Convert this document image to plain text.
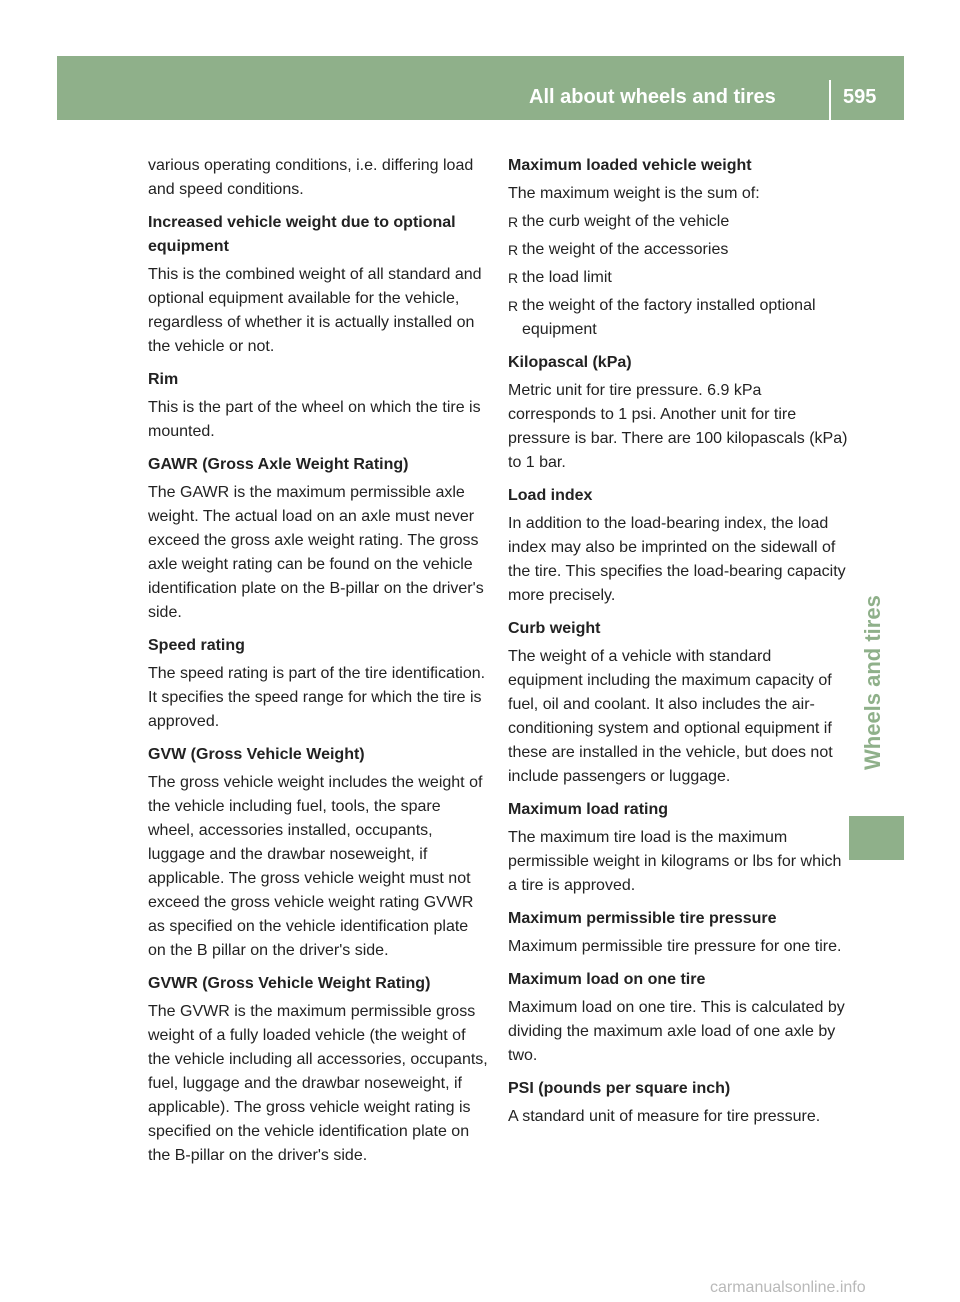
All about wheels and tires	595
Wheels and tires

various operating conditions, i.e. differing load and speed conditions.

Increased vehicle weight due to optional equipment

This is the combined weight of all standard and optional equipment available for the vehicle, regardless of whether it is actually installed on the vehicle or not.

Rim

This is the part of the wheel on which the tire is mounted.

GAWR (Gross Axle Weight Rating)

The GAWR is the maximum permissible axle weight. The actual load on an axle must never exceed the gross axle weight rating. The gross axle weight rating can be found on the vehicle identification plate on the B-pillar on the driver's side.

Speed rating

The speed rating is part of the tire identification. It specifies the speed range for which the tire is approved.

GVW (Gross Vehicle Weight)

The gross vehicle weight includes the weight of the vehicle including fuel, tools, the spare wheel, accessories installed, occupants, luggage and the drawbar noseweight, if applicable. The gross vehicle weight must not exceed the gross vehicle weight rating GVWR as specified on the vehicle identification plate on the B pillar on the driver's side.

GVWR (Gross Vehicle Weight Rating)

The GVWR is the maximum permissible gross weight of a fully loaded vehicle (the weight of the vehicle including all accessories, occupants, fuel, luggage and the drawbar noseweight, if applicable). The gross vehicle weight rating is specified on the vehicle identification plate on the B-pillar on the driver's side.

Maximum loaded vehicle weight

The maximum weight is the sum of:

R the curb weight of the vehicle
R the weight of the accessories
R the load limit
R the weight of the factory installed optional equipment
Kilopascal (kPa)

Metric unit for tire pressure. 6.9 kPa corresponds to 1 psi. Another unit for tire pressure is bar. There are 100 kilopascals (kPa) to 1 bar.

Load index

In addition to the load-bearing index, the load index may also be imprinted on the sidewall of the tire. This specifies the load-bearing capacity more precisely.

Curb weight

The weight of a vehicle with standard equipment including the maximum capacity of fuel, oil and coolant. It also includes the air-conditioning system and optional equipment if these are installed in the vehicle, but does not include passengers or luggage.

Maximum load rating

The maximum tire load is the maximum permissible weight in kilograms or lbs for which a tire is approved.

Maximum permissible tire pressure

Maximum permissible tire pressure for one tire.

Maximum load on one tire

Maximum load on one tire. This is calculated by dividing the maximum axle load of one axle by two.

PSI (pounds per square inch)

A standard unit of measure for tire pressure.

carmanualsonline.info
